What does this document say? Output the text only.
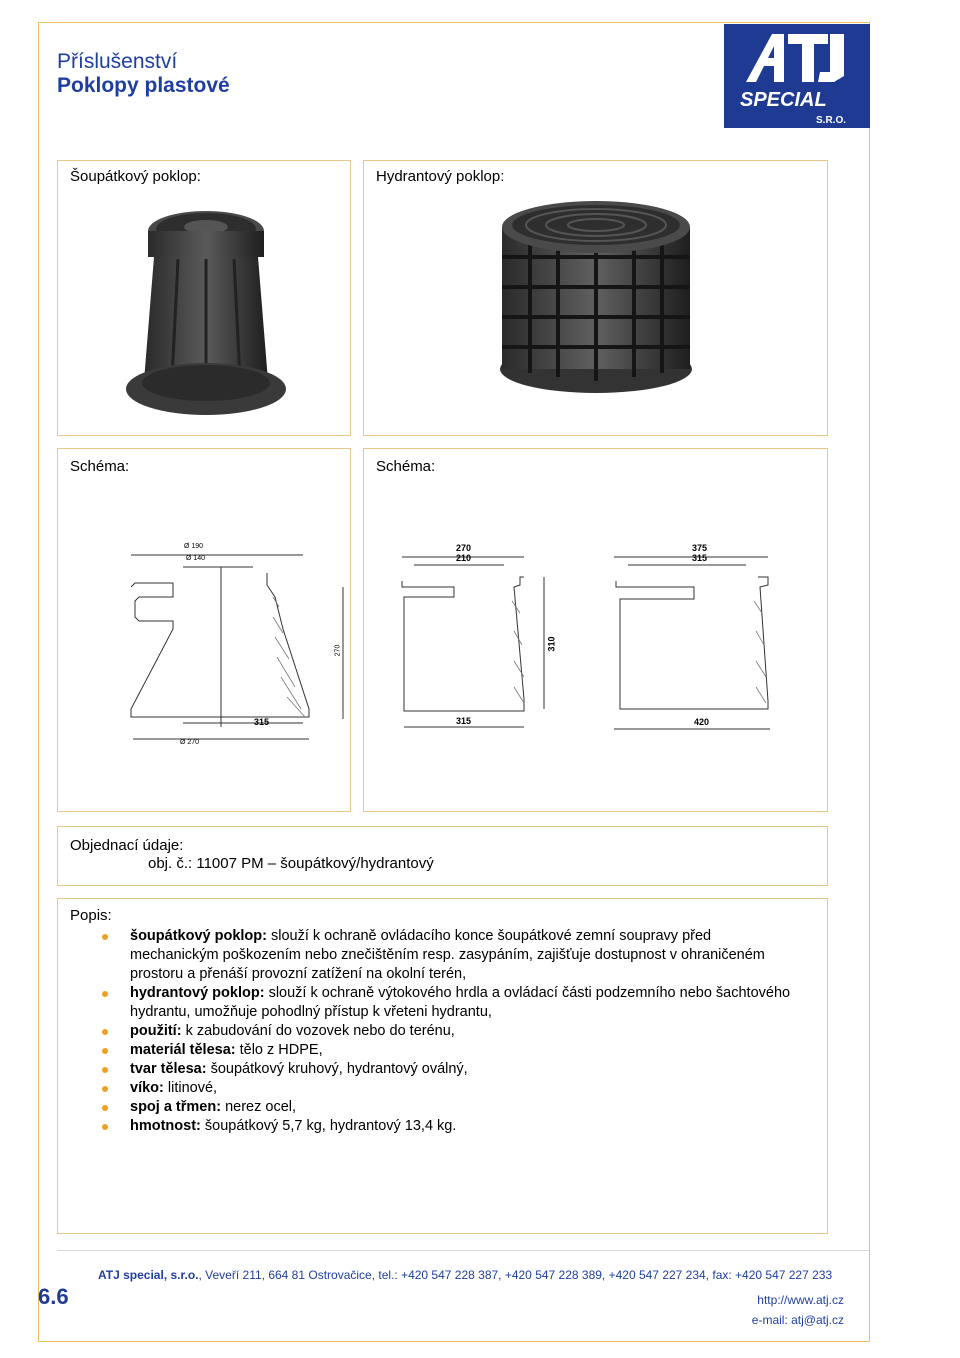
Příslušenství
Poklopy plastové
SPECIAL
S.R.O.
Šoupátkový poklop:	Hydrantový poklop:
Schéma:
Ø 190
Ø 140
270
315
Ø 270
Schéma:
270
210
310
315
375
315
420
Objednací údaje:
obj. č.: 11007 PM – šoupátkový/hydrantový
Popis:
šoupátkový poklop: slouží k ochraně ovládacího konce šoupátkové zemní soupravy před mechanickým poškozením nebo znečištěním resp. zasypáním, zajišťuje dostupnost v ohraničeném prostoru a přenáší provozní zatížení na okolní terén,
hydrantový poklop: slouží k ochraně výtokového hrdla a ovládací části podzemního nebo šachtového hydrantu, umožňuje pohodlný přístup k vřeteni hydrantu,
použití: k zabudování do vozovek nebo do terénu,
materiál tělesa: tělo z HDPE,
tvar tělesa: šoupátkový kruhový, hydrantový oválný,
víko: litinové,
spoj a třmen: nerez ocel,
hmotnost: šoupátkový 5,7 kg, hydrantový 13,4 kg.
6.6
ATJ special, s.r.o., Veveří 211, 664 81 Ostrovačice, tel.: +420 547 228 387, +420 547 228 389, +420 547 227 234, fax: +420 547 227 233
http://www.atj.cz
e-mail: atj@atj.cz
